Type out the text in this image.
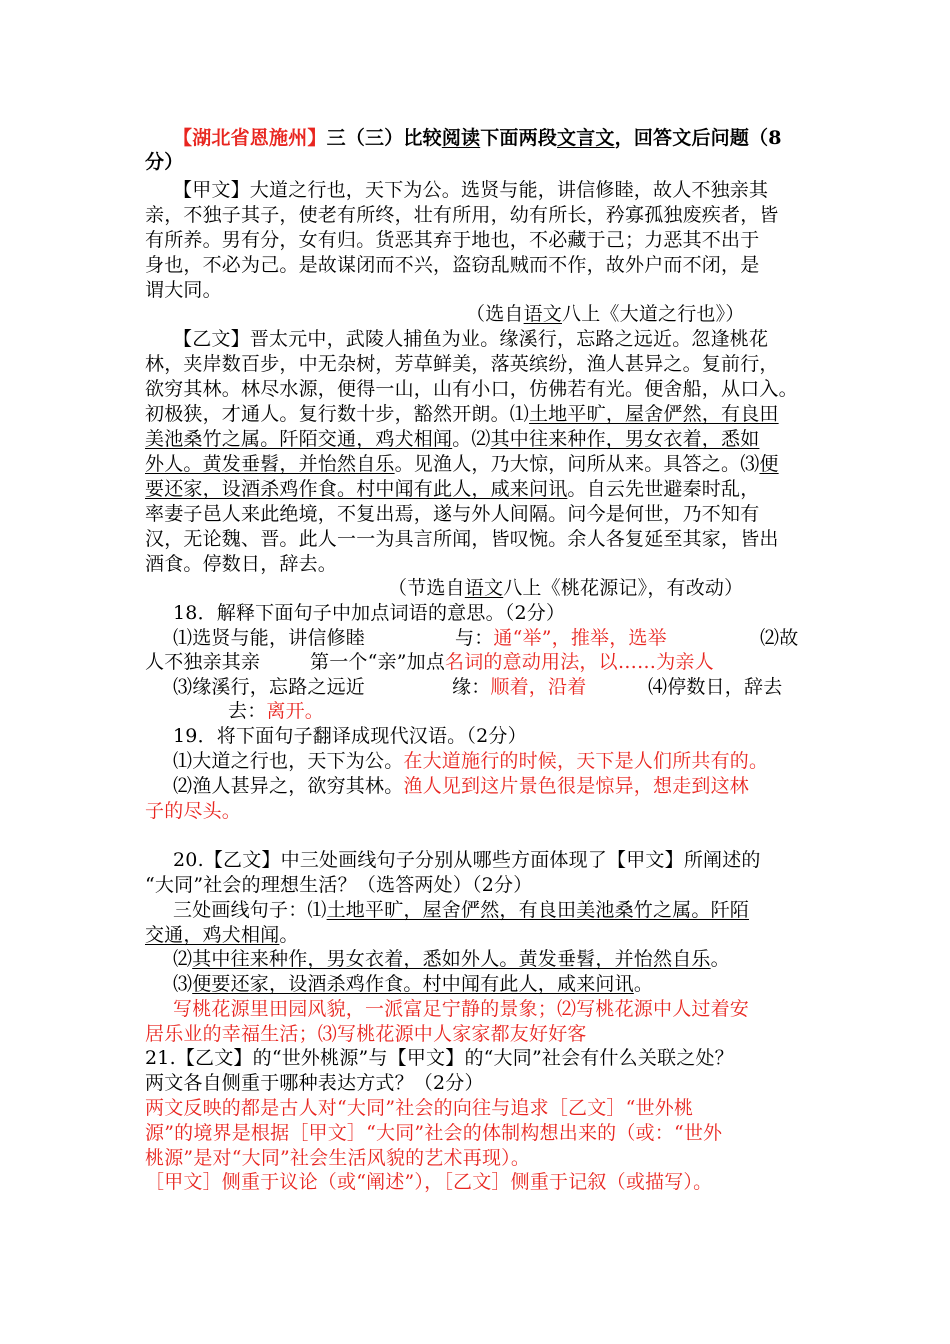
【湖北省恩施州】三（三）比较阅读下面两段文言文，回答文后问题（8
分）
【甲文】大道之行也，天下为公。选贤与能，讲信修睦，故人不独亲其
亲，不独子其子，使老有所终，壮有所用，幼有所长，矜寡孤独废疾者，皆
有所养。男有分，女有归。货恶其弃于地也，不必藏于己；力恶其不出于
身也，不必为己。是故谋闭而不兴，盗窃乱贼而不作，故外户而不闭，是
谓大同。
（选自语文八上《大道之行也》）
【乙文】晋太元中，武陵人捕鱼为业。缘溪行，忘路之远近。忽逢桃花
林，夹岸数百步，中无杂树，芳草鲜美，落英缤纷，渔人甚异之。复前行，
欲穷其林。林尽水源，便得一山，山有小口，仿佛若有光。便舍船，从口入。
初极狭，才通人。复行数十步，豁然开朗。⑴土地平旷，屋舍俨然，有良田
美池桑竹之属。阡陌交通，鸡犬相闻。⑵其中往来种作，男女衣着，悉如
外人。黄发垂髫，并怡然自乐。见渔人，乃大惊，问所从来。具答之。⑶便
要还家，设酒杀鸡作食。村中闻有此人，咸来问讯。自云先世避秦时乱，
率妻子邑人来此绝境，不复出焉，遂与外人间隔。问今是何世，乃不知有
汉，无论魏、晋。此人一一为具言所闻，皆叹惋。余人各复延至其家，皆出
酒食。停数日，辞去。
（节选自语文八上《桃花源记》，有改动）
18．解释下面句子中加点词语的意思。（2分）
⑴选贤与能，讲信修睦	与：通“举”，推举，选举	⑵故
人不独亲其亲	第一个“亲”加点名词的意动用法，以……为亲人
⑶缘溪行，忘路之远近	缘：顺着，沿着	⑷停数日，辞去
去：离开。
19．将下面句子翻译成现代汉语。（2分）
⑴大道之行也，天下为公。在大道施行的时候，天下是人们所共有的。
⑵渔人甚异之，欲穷其林。渔人见到这片景色很是惊异，想走到这林
子的尽头。
20.【乙文】中三处画线句子分别从哪些方面体现了【甲文】所阐述的
“大同”社会的理想生活？（选答两处）（2分）
三处画线句子：⑴土地平旷，屋舍俨然，有良田美池桑竹之属。阡陌
交通，鸡犬相闻。
⑵其中往来种作，男女衣着，悉如外人。黄发垂髫，并怡然自乐。
⑶便要还家，设酒杀鸡作食。村中闻有此人，咸来问讯。
写桃花源里田园风貌，一派富足宁静的景象；⑵写桃花源中人过着安
居乐业的幸福生活；⑶写桃花源中人家家都友好好客
21.【乙文】的“世外桃源”与【甲文】的“大同”社会有什么关联之处？
两文各自侧重于哪种表达方式？（2分）
两文反映的都是古人对“大同”社会的向往与追求［乙文］“世外桃
源”的境界是根据［甲文］“大同”社会的体制构想出来的（或：“世外
桃源”是对“大同”社会生活风貌的艺术再现）。
［甲文］侧重于议论（或“阐述”），［乙文］侧重于记叙（或描写）。
